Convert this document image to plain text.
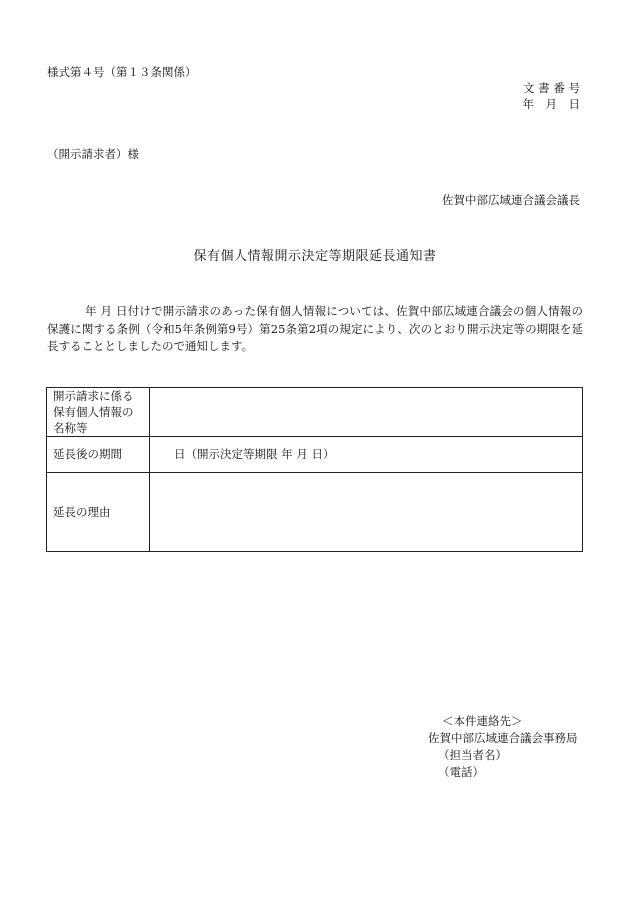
様式第４号（第１３条関係）
文 書 番 号
年　月　日
（開示請求者）様
佐賀中部広域連合議会議長
保有個人情報開示決定等期限延長通知書
年 月 日付けで開示請求のあった保有個人情報については、佐賀中部広域連合議会の個人情報の保護に関する条例（令和5年条例第9号）第25条第2項の規定により、次のとおり開示決定等の期限を延長することとしましたので通知します。
開示請求に係る保有個人情報の名称等	
延長後の期間	日（開示決定等期限 年 月 日）
延長の理由	
＜本件連絡先＞
佐賀中部広域連合議会事務局
（担当者名）
（電話）
